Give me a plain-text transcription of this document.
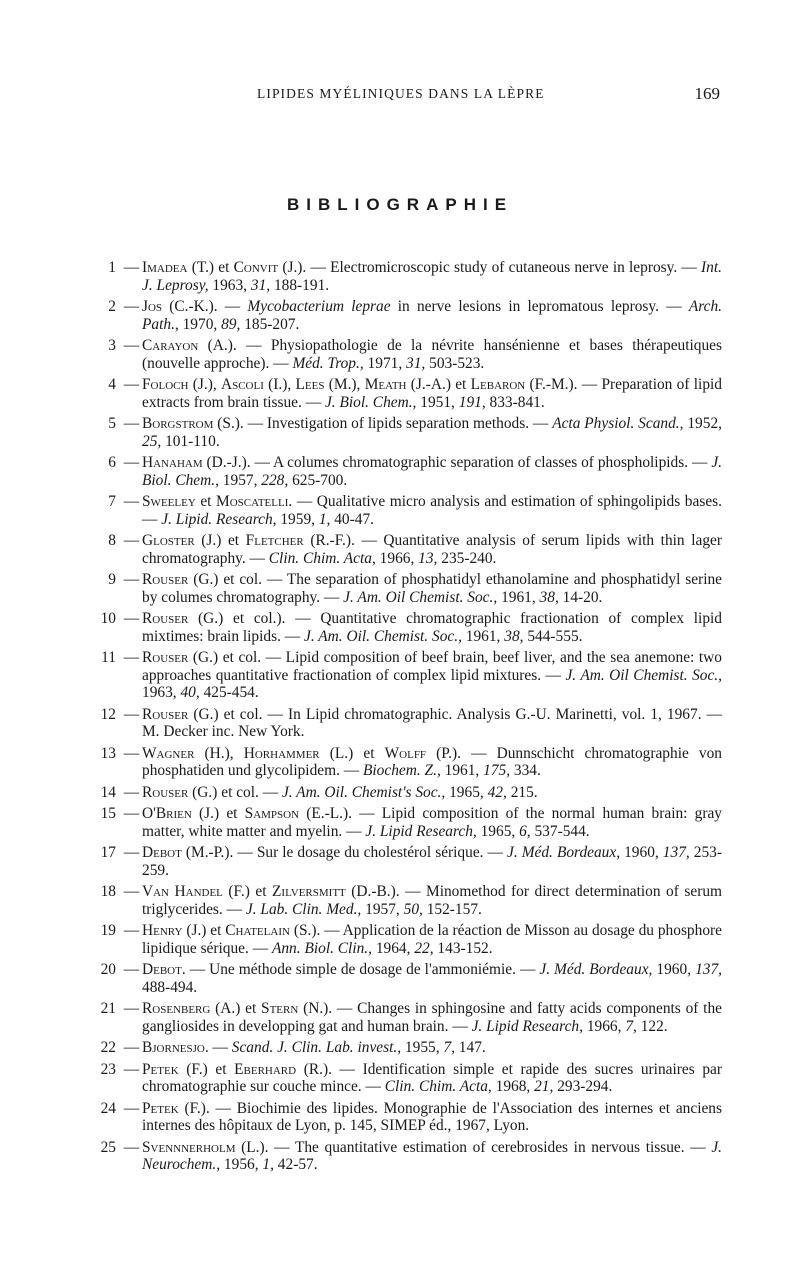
LIPIDES MYÉLINIQUES DANS LA LÈPRE	169
BIBLIOGRAPHIE
1 — Imadea (T.) et Convit (J.). — Electromicroscopic study of cutaneous nerve in leprosy. — Int. J. Leprosy, 1963, 31, 188-191.
2 — Jos (C.-K.). — Mycobacterium leprae in nerve lesions in lepromatous leprosy. — Arch. Path., 1970, 89, 185-207.
3 — Carayon (A.). — Physiopathologie de la névrite hansénienne et bases thérapeutiques (nouvelle approche). — Méd. Trop., 1971, 31, 503-523.
4 — Foloch (J.), Ascoli (I.), Lees (M.), Meath (J.-A.) et Lebaron (F.-M.). — Preparation of lipid extracts from brain tissue. — J. Biol. Chem., 1951, 191, 833-841.
5 — Borgstrom (S.). — Investigation of lipids separation methods. — Acta Physiol. Scand., 1952, 25, 101-110.
6 — Hanaham (D.-J.). — A columes chromatographic separation of classes of phospholipids. — J. Biol. Chem., 1957, 228, 625-700.
7 — Sweeley et Moscatelli. — Qualitative micro analysis and estimation of sphingolipids bases. — J. Lipid. Research, 1959, 1, 40-47.
8 — Gloster (J.) et Fletcher (R.-F.). — Quantitative analysis of serum lipids with thin lager chromatography. — Clin. Chim. Acta, 1966, 13, 235-240.
9 — Rouser (G.) et col. — The separation of phosphatidyl ethanolamine and phosphatidyl serine by columes chromatography. — J. Am. Oil Chemist. Soc., 1961, 38, 14-20.
10 — Rouser (G.) et col.). — Quantitative chromatographic fractionation of complex lipid mixtimes: brain lipids. — J. Am. Oil. Chemist. Soc., 1961, 38, 544-555.
11 — Rouser (G.) et col. — Lipid composition of beef brain, beef liver, and the sea anemone: two approaches quantitative fractionation of complex lipid mixtures. — J. Am. Oil Chemist. Soc., 1963, 40, 425-454.
12 — Rouser (G.) et col. — In Lipid chromatographic. Analysis G.-U. Marinetti, vol. 1, 1967. — M. Decker inc. New York.
13 — Wagner (H.), Horhammer (L.) et Wolff (P.). — Dunnschicht chromatographie von phosphatiden und glycolipidem. — Biochem. Z., 1961, 175, 334.
14 — Rouser (G.) et col. — J. Am. Oil. Chemist's Soc., 1965, 42, 215.
15 — O'Brien (J.) et Sampson (E.-L.). — Lipid composition of the normal human brain: gray matter, white matter and myelin. — J. Lipid Research, 1965, 6, 537-544.
17 — Debot (M.-P.). — Sur le dosage du cholestérol sérique. — J. Méd. Bordeaux, 1960, 137, 253-259.
18 — Van Handel (F.) et Zilversmitt (D.-B.). — Minomethod for direct determination of serum triglycerides. — J. Lab. Clin. Med., 1957, 50, 152-157.
19 — Henry (J.) et Chatelain (S.). — Application de la réaction de Misson au dosage du phosphore lipidique sérique. — Ann. Biol. Clin., 1964, 22, 143-152.
20 — Debot. — Une méthode simple de dosage de l'ammoniémie. — J. Méd. Bordeaux, 1960, 137, 488-494.
21 — Rosenberg (A.) et Stern (N.). — Changes in sphingosine and fatty acids components of the gangliosides in developping gat and human brain. — J. Lipid Research, 1966, 7, 122.
22 — Bjornesjo. — Scand. J. Clin. Lab. invest., 1955, 7, 147.
23 — Petek (F.) et Eberhard (R.). — Identification simple et rapide des sucres urinaires par chromatographie sur couche mince. — Clin. Chim. Acta, 1968, 21, 293-294.
24 — Petek (F.). — Biochimie des lipides. Monographie de l'Association des internes et anciens internes des hôpitaux de Lyon, p. 145, SIMEP éd., 1967, Lyon.
25 — Svennnerholm (L.). — The quantitative estimation of cerebrosides in nervous tissue. — J. Neurochem., 1956, 1, 42-57.
